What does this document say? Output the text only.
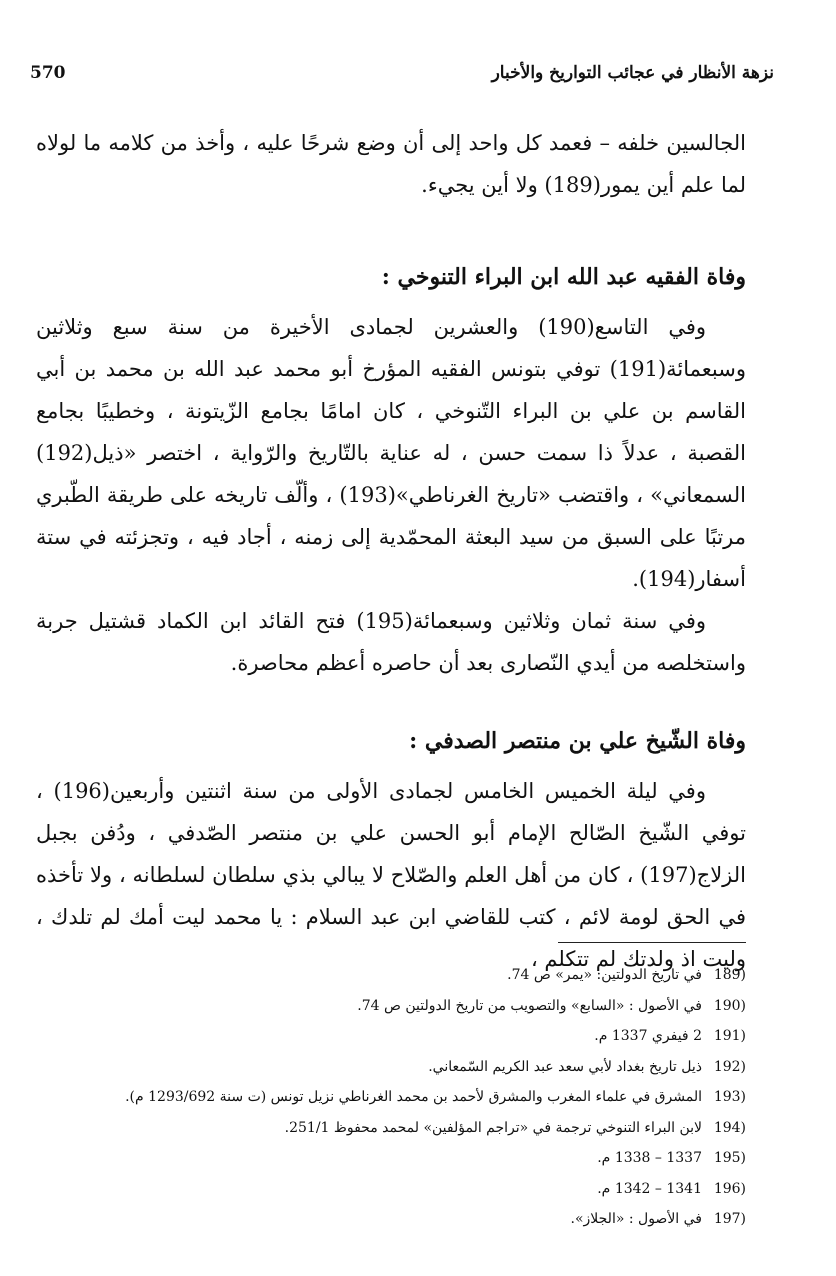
570	نزهة الأنظار في عجائب التواريخ والأخبار

الجالسين خلفه – فعمد كل واحد إلى أن وضع شرحًا عليه ، وأخذ من كلامه ما لولاه لما علم أين يمور(189) ولا أين يجيء.

وفاة الفقيه عبد الله ابن البراء التنوخي :

وفي التاسع(190) والعشرين لجمادى الأخيرة من سنة سبع وثلاثين وسبعمائة(191) توفي بتونس الفقيه المؤرخ أبو محمد عبد الله بن محمد بن أبي القاسم بن علي بن البراء التّنوخي ، كان امامًا بجامع الزّيتونة ، وخطيبًا بجامع القصبة ، عدلاً ذا سمت حسن ، له عناية بالتّاريخ والرّواية ، اختصر «ذيل(192) السمعاني» ، واقتضب «تاريخ الغرناطي»(193) ، وألّف تاريخه على طريقة الطّبري مرتبًا على السبق من سيد البعثة المحمّدية إلى زمنه ، أجاد فيه ، وتجزئته في ستة أسفار(194).

وفي سنة ثمان وثلاثين وسبعمائة(195) فتح القائد ابن الكماد قشتيل جربة واستخلصه من أيدي النّصارى بعد أن حاصره أعظم محاصرة.

وفاة الشّيخ علي بن منتصر الصدفي :

وفي ليلة الخميس الخامس لجمادى الأولى من سنة اثنتين وأربعين(196) ، توفي الشّيخ الصّالح الإمام أبو الحسن علي بن منتصر الصّدفي ، ودُفن بجبل الزلاج(197) ، كان من أهل العلم والصّلاح لا يبالي بذي سلطان لسلطانه ، ولا تأخذه في الحق لومة لائم ، كتب للقاضي ابن عبد السلام : يا محمد ليت أمك لم تلدك ، وليت اذ ولدتك لم تتكلم ،

189)
في تاريخ الدولتين: «يمر» ص 74.
190)
في الأصول : «السابع» والتصويب من تاريخ الدولتين ص 74.
191)
2 فيفري 1337 م.
192)
ذيل تاريخ بغداد لأبي سعد عبد الكريم السّمعاني.
193)
المشرق في علماء المغرب والمشرق لأحمد بن محمد الغرناطي نزيل تونس (ت سنة 1293/692 م).
194)
لابن البراء التنوخي ترجمة في «تراجم المؤلفين» لمحمد محفوظ 251/1.
195)
1337 – 1338 م.
196)
1341 – 1342 م.
197)
في الأصول : «الجلاز».
